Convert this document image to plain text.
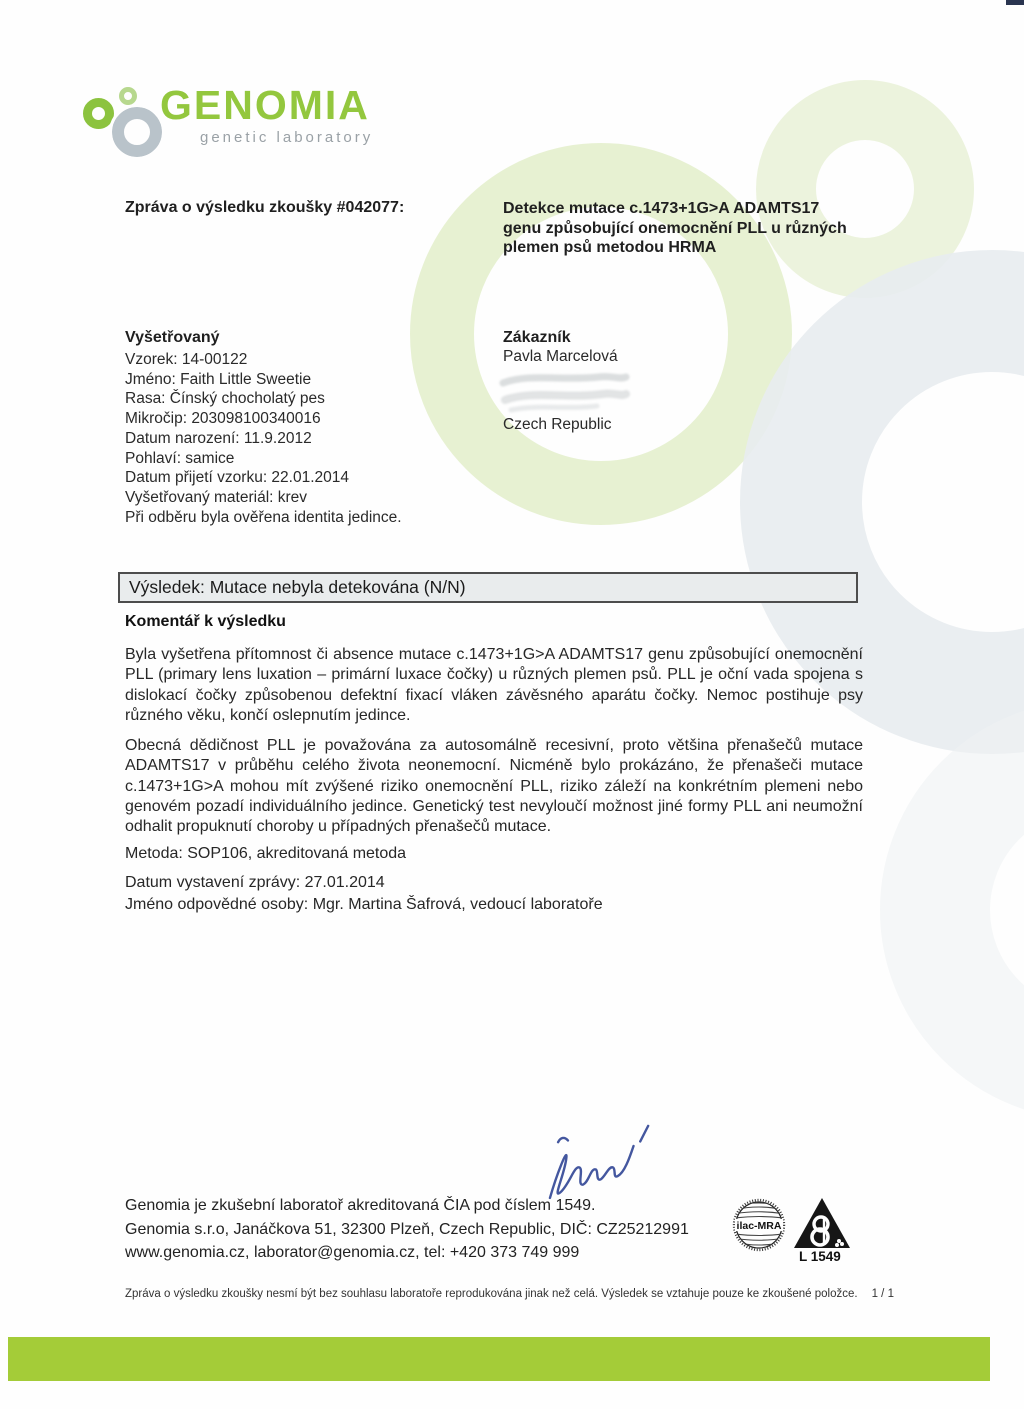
GENOMIA
genetic laboratory
Zpráva o výsledku zkoušky #042077:	Detekce mutace c.1473+1G>A ADAMTS17 genu způsobující onemocnění PLL u různých plemen psů metodou HRMA
Vyšetřovaný
Vzorek: 14-00122
Jméno: Faith Little Sweetie
Rasa: Čínský chocholatý pes
Mikročip: 203098100340016
Datum narození: 11.9.2012
Pohlaví: samice
Datum přijetí vzorku: 22.01.2014
Vyšetřovaný materiál: krev
Při odběru byla ověřena identita jedince.
Zákazník
Pavla Marcelová
Czech Republic
Výsledek: Mutace nebyla detekována (N/N)
Komentář k výsledku

Byla vyšetřena přítomnost či absence mutace c.1473+1G>A ADAMTS17 genu způsobující onemocnění PLL (primary lens luxation – primární luxace čočky) u různých plemen psů. PLL je oční vada spojena s dislokací čočky způsobenou defektní fixací vláken závěsného aparátu čočky. Nemoc postihuje psy různého věku, končí oslepnutím jedince.

Obecná dědičnost PLL je považována za autosomálně recesivní, proto většina přenašečů mutace ADAMTS17 v průběhu celého života neonemocní. Nicméně bylo prokázáno, že přenašeči mutace c.1473+1G>A mohou mít zvýšené riziko onemocnění PLL, riziko záleží na konkrétním plemeni nebo genovém pozadí individuálního jedince. Genetický test nevyloučí možnost jiné formy PLL ani neumožní odhalit propuknutí choroby u případných přenašečů mutace.

Metoda: SOP106, akreditovaná metoda
Datum vystavení zprávy: 27.01.2014
Jméno odpovědné osoby: Mgr. Martina Šafrová, vedoucí laboratoře
Genomia je zkušební laboratoř akreditovaná ČIA pod číslem 1549.
Genomia s.r.o, Janáčkova 51, 32300 Plzeň, Czech Republic, DIČ: CZ25212991
www.genomia.cz, laborator@genomia.cz, tel: +420 373 749 999
ilac-MRA
L 1549
Zpráva o výsledku zkoušky nesmí být bez souhlasu laboratoře reprodukována jinak než celá. Výsledek se vztahuje pouze ke zkoušené položce. 1 / 1
